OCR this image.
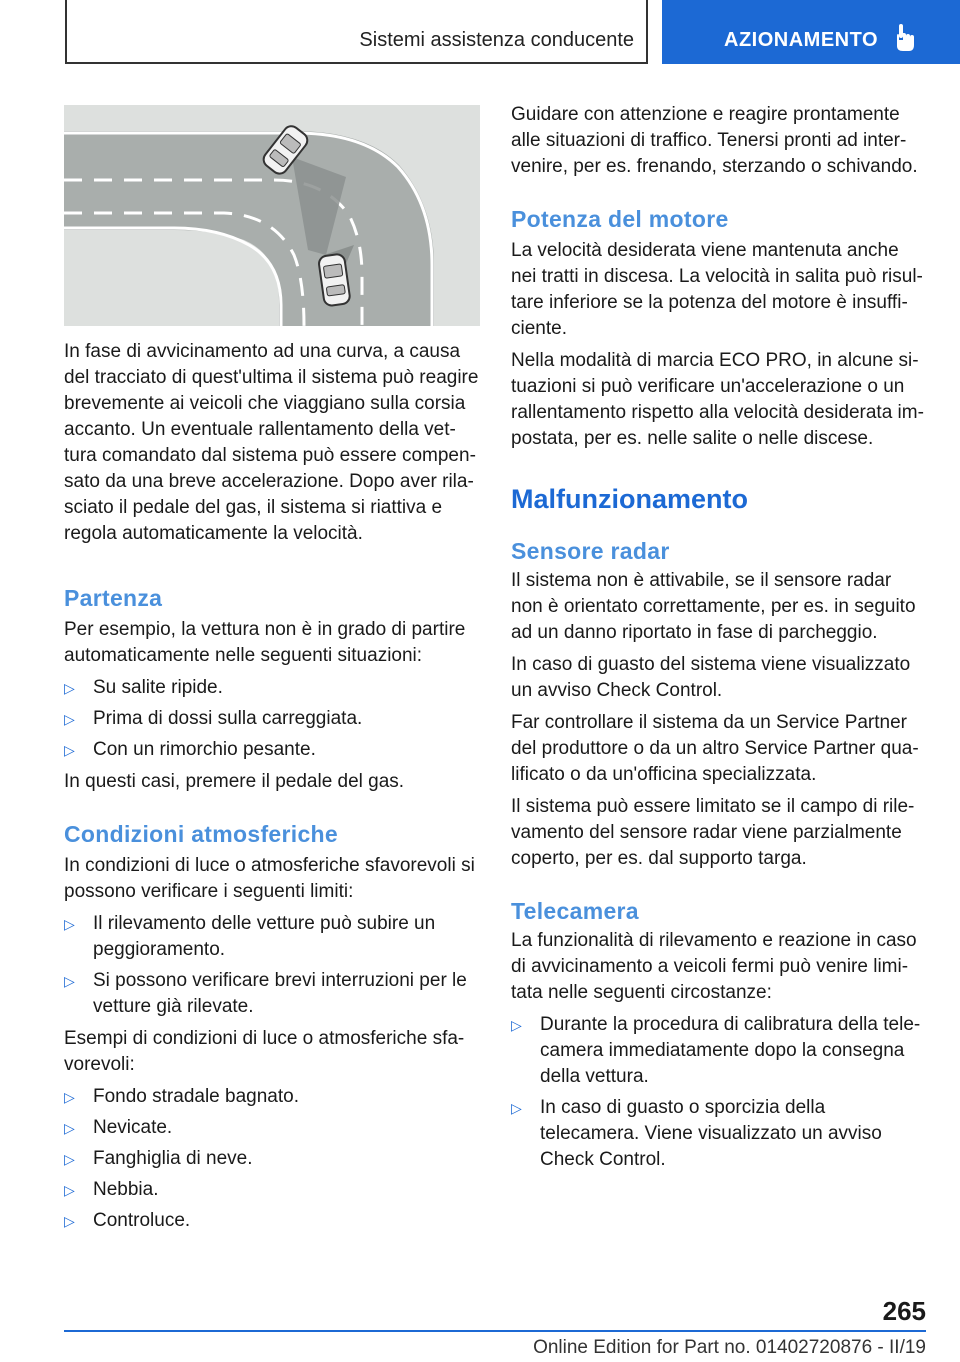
Sistemi assistenza conducente	AZIONAMENTO

In fase di avvicinamento ad una curva, a causa del tracciato di quest'ultima il sistema può reagire brevemente ai veicoli che viaggiano sulla corsia accanto. Un eventuale rallentamento della vettura comandato dal sistema può essere compensato da una breve accelerazione. Dopo aver rilasciato il pedale del gas, il sistema si riattiva e regola automaticamente la velocità.

Partenza

Per esempio, la vettura non è in grado di partire automaticamente nelle seguenti situazioni:

▷ Su salite ripide.
▷ Prima di dossi sulla carreggiata.
▷ Con un rimorchio pesante.

In questi casi, premere il pedale del gas.

Condizioni atmosferiche

In condizioni di luce o atmosferiche sfavorevoli si possono verificare i seguenti limiti:

▷ Il rilevamento delle vetture può subire un peggioramento.
▷ Si possono verificare brevi interruzioni per le vetture già rilevate.

Esempi di condizioni di luce o atmosferiche sfavorevoli:

▷ Fondo stradale bagnato.
▷ Nevicate.
▷ Fanghiglia di neve.
▷ Nebbia.
▷ Controluce.

Guidare con attenzione e reagire prontamente alle situazioni di traffico. Tenersi pronti ad intervenire, per es. frenando, sterzando o schivando.

Potenza del motore

La velocità desiderata viene mantenuta anche nei tratti in discesa. La velocità in salita può risultare inferiore se la potenza del motore è insufficiente.

Nella modalità di marcia ECO PRO, in alcune situazioni si può verificare un'accelerazione o un rallentamento rispetto alla velocità desiderata impostata, per es. nelle salite o nelle discese.

Malfunzionamento
Sensore radar

Il sistema non è attivabile, se il sensore radar non è orientato correttamente, per es. in seguito ad un danno riportato in fase di parcheggio.

In caso di guasto del sistema viene visualizzato un avviso Check Control.

Far controllare il sistema da un Service Partner del produttore o da un altro Service Partner qualificato o da un'officina specializzata.

Il sistema può essere limitato se il campo di rilevamento del sensore radar viene parzialmente coperto, per es. dal supporto targa.

Telecamera

La funzionalità di rilevamento e reazione in caso di avvicinamento a veicoli fermi può venire limitata nelle seguenti circostanze:

▷ Durante la procedura di calibratura della telecamera immediatamente dopo la consegna della vettura.
▷ In caso di guasto o sporcizia della telecamera. Viene visualizzato un avviso Check Control.
265
Online Edition for Part no. 01402720876 - II/19
